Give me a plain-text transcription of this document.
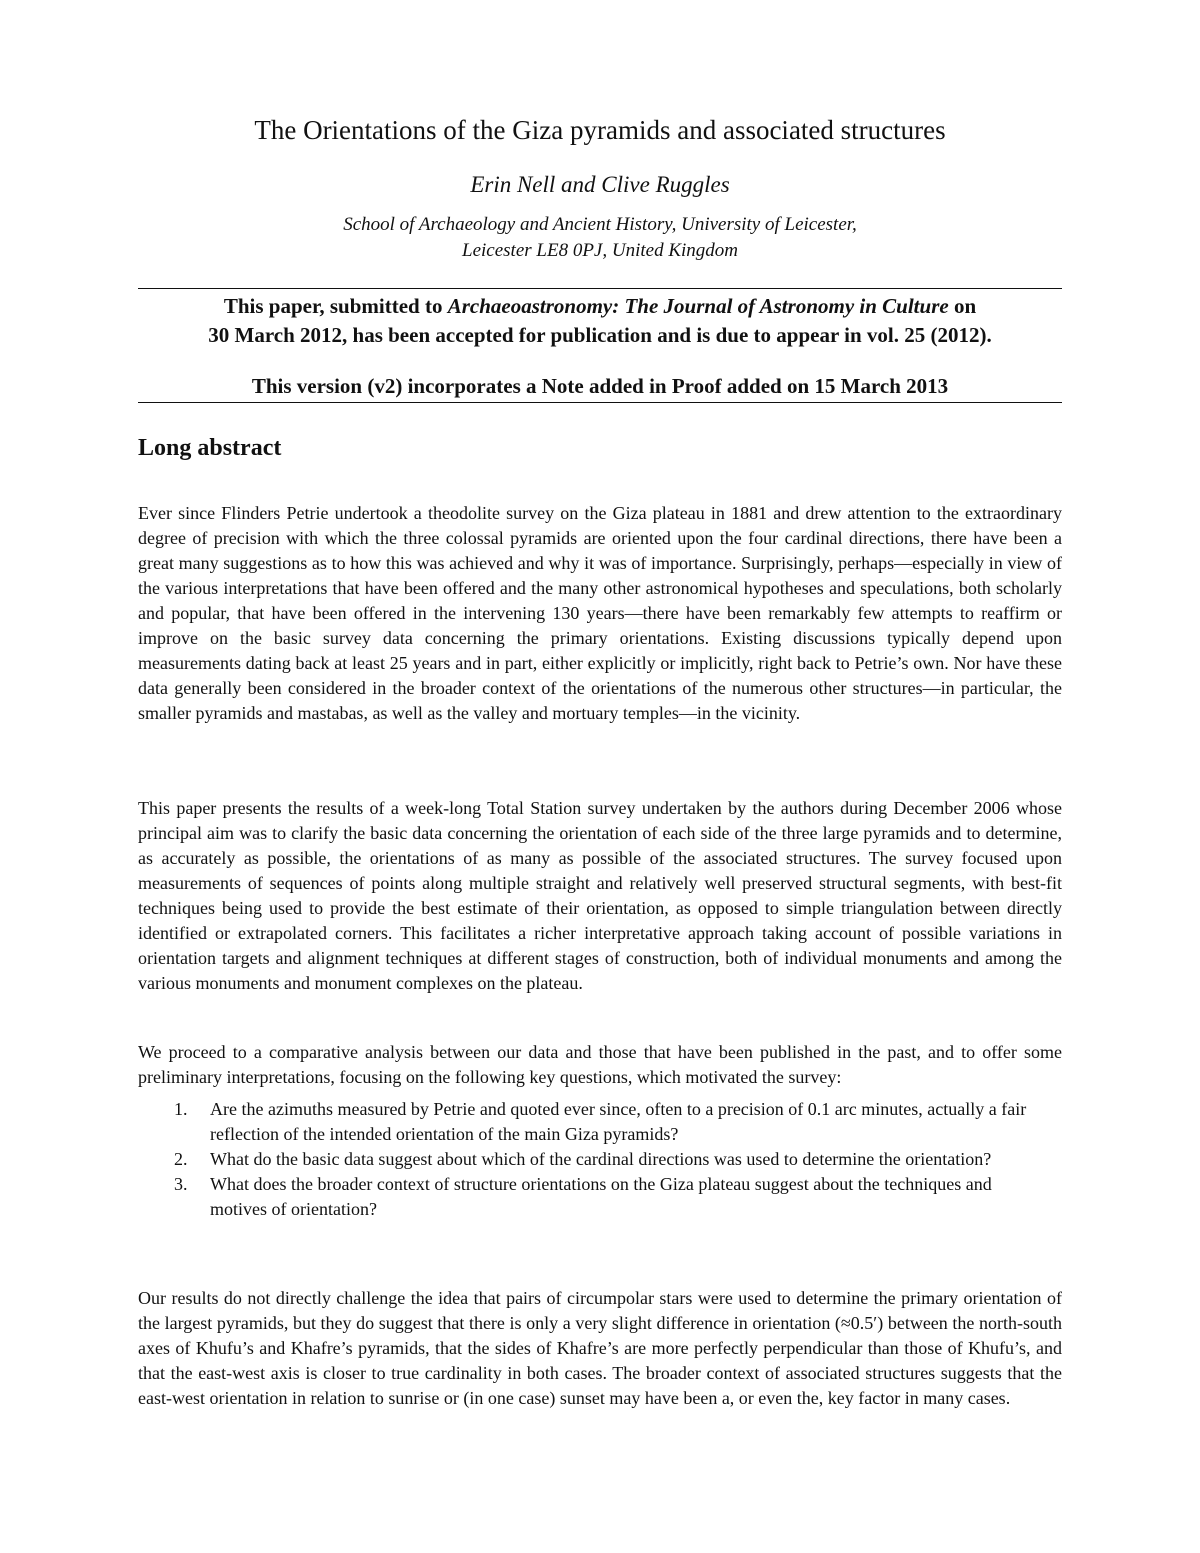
The Orientations of the Giza pyramids and associated structures
Erin Nell and Clive Ruggles
School of Archaeology and Ancient History, University of Leicester,
Leicester LE8 0PJ, United Kingdom
This paper, submitted to Archaeoastronomy: The Journal of Astronomy in Culture on
30 March 2012, has been accepted for publication and is due to appear in vol. 25 (2012).
This version (v2) incorporates a Note added in Proof added on 15 March 2013
Long abstract

Ever since Flinders Petrie undertook a theodolite survey on the Giza plateau in 1881 and drew attention to the extraordinary degree of precision with which the three colossal pyramids are oriented upon the four cardinal directions, there have been a great many suggestions as to how this was achieved and why it was of importance. Surprisingly, perhaps—especially in view of the various interpretations that have been offered and the many other astronomical hypotheses and speculations, both scholarly and popular, that have been offered in the intervening 130 years—there have been remarkably few attempts to reaffirm or improve on the basic survey data concerning the primary orientations. Existing discussions typically depend upon measurements dating back at least 25 years and in part, either explicitly or implicitly, right back to Petrie’s own. Nor have these data generally been considered in the broader context of the orientations of the numerous other structures—in particular, the smaller pyramids and mastabas, as well as the valley and mortuary temples—in the vicinity.

This paper presents the results of a week-long Total Station survey undertaken by the authors during December 2006 whose principal aim was to clarify the basic data concerning the orientation of each side of the three large pyramids and to determine, as accurately as possible, the orientations of as many as possible of the associated structures. The survey focused upon measurements of sequences of points along multiple straight and relatively well preserved structural segments, with best-fit techniques being used to provide the best estimate of their orientation, as opposed to simple triangulation between directly identified or extrapolated corners. This facilitates a richer interpretative approach taking account of possible variations in orientation targets and alignment techniques at different stages of construction, both of individual monuments and among the various monuments and monument complexes on the plateau.

We proceed to a comparative analysis between our data and those that have been published in the past, and to offer some preliminary interpretations, focusing on the following key questions, which motivated the survey:

1. Are the azimuths measured by Petrie and quoted ever since, often to a precision of 0.1 arc minutes, actually a fair reflection of the intended orientation of the main Giza pyramids?
2. What do the basic data suggest about which of the cardinal directions was used to determine the orientation?
3. What does the broader context of structure orientations on the Giza plateau suggest about the techniques and motives of orientation?

Our results do not directly challenge the idea that pairs of circumpolar stars were used to determine the primary orientation of the largest pyramids, but they do suggest that there is only a very slight difference in orientation (≈0.5′) between the north-south axes of Khufu’s and Khafre’s pyramids, that the sides of Khafre’s are more perfectly perpendicular than those of Khufu’s, and that the east-west axis is closer to true cardinality in both cases. The broader context of associated structures suggests that the east-west orientation in relation to sunrise or (in one case) sunset may have been a, or even the, key factor in many cases.
